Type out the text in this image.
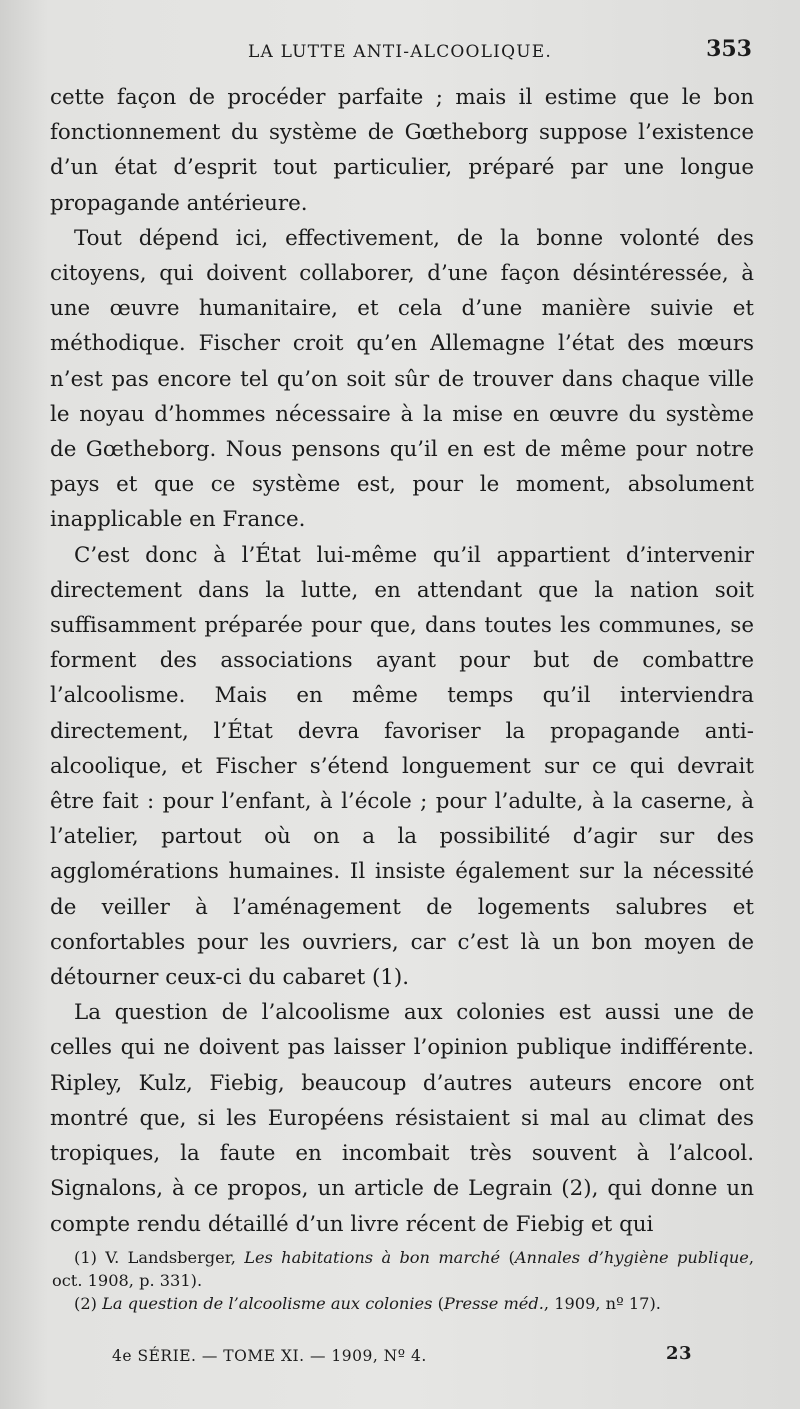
LA LUTTE ANTI-ALCOOLIQUE.	353

cette façon de procéder parfaite ; mais il estime que le bon fonctionnement du système de Gœtheborg suppose l’existence d’un état d’esprit tout particulier, préparé par une longue propagande antérieure.

Tout dépend ici, effectivement, de la bonne volonté des citoyens, qui doivent collaborer, d’une façon désintéressée, à une œuvre humanitaire, et cela d’une manière suivie et méthodique. Fischer croit qu’en Allemagne l’état des mœurs n’est pas encore tel qu’on soit sûr de trouver dans chaque ville le noyau d’hommes nécessaire à la mise en œuvre du système de Gœtheborg. Nous pensons qu’il en est de même pour notre pays et que ce système est, pour le moment, absolument inapplicable en France.

C’est donc à l’État lui-même qu’il appartient d’intervenir directement dans la lutte, en attendant que la nation soit suffisamment préparée pour que, dans toutes les communes, se forment des associations ayant pour but de combattre l’alcoolisme. Mais en même temps qu’il interviendra directement, l’État devra favoriser la propagande anti-alcoolique, et Fischer s’étend longuement sur ce qui devrait être fait : pour l’enfant, à l’école ; pour l’adulte, à la caserne, à l’atelier, partout où on a la possibilité d’agir sur des agglomérations humaines. Il insiste également sur la nécessité de veiller à l’aménagement de logements salubres et confortables pour les ouvriers, car c’est là un bon moyen de détourner ceux-ci du cabaret (1).

La question de l’alcoolisme aux colonies est aussi une de celles qui ne doivent pas laisser l’opinion publique indifférente. Ripley, Kulz, Fiebig, beaucoup d’autres auteurs encore ont montré que, si les Européens résistaient si mal au climat des tropiques, la faute en incombait très souvent à l’alcool. Signalons, à ce propos, un article de Legrain (2), qui donne un compte rendu détaillé d’un livre récent de Fiebig et qui

(1) V. Landsberger, Les habitations à bon marché (Annales d’hygiène publique, oct. 1908, p. 331).

(2) La question de l’alcoolisme aux colonies (Presse méd., 1909, nº 17).

4e SÉRIE. — TOME XI. — 1909, Nº 4.	23
